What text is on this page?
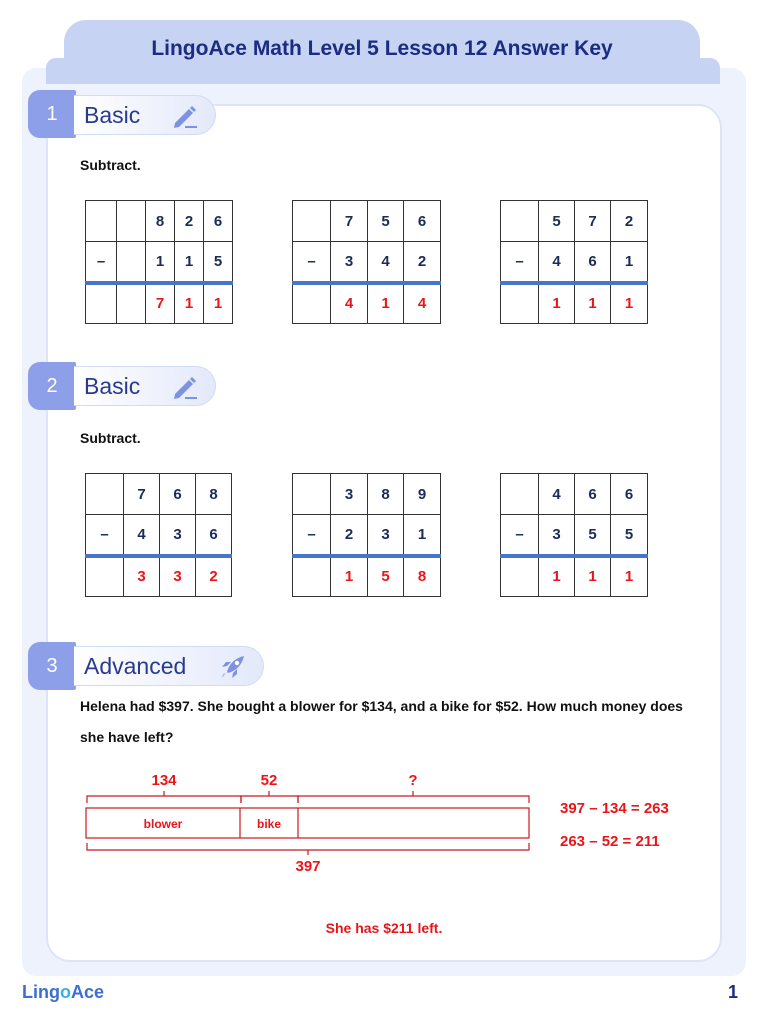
LingoAce Math Level 5 Lesson 12 Answer Key
1	Basic
Subtract.
		8	2	6
–		1	1	5
		7	1	1
	7	5	6
–	3	4	2
	4	1	4
	5	7	2
–	4	6	1
	1	1	1
2	Basic
Subtract.
	7	6	8
–	4	3	6
	3	3	2
	3	8	9
–	2	3	1
	1	5	8
	4	6	6
–	3	5	5
	1	1	1
3	Advanced
Helena had $397. She bought a blower for $134, and a bike for $52. How much money does she have left?
134	52	?
blower	bike
397
397 – 134 = 263
263 – 52 = 211
She has $211 left.
LingoAce	1
